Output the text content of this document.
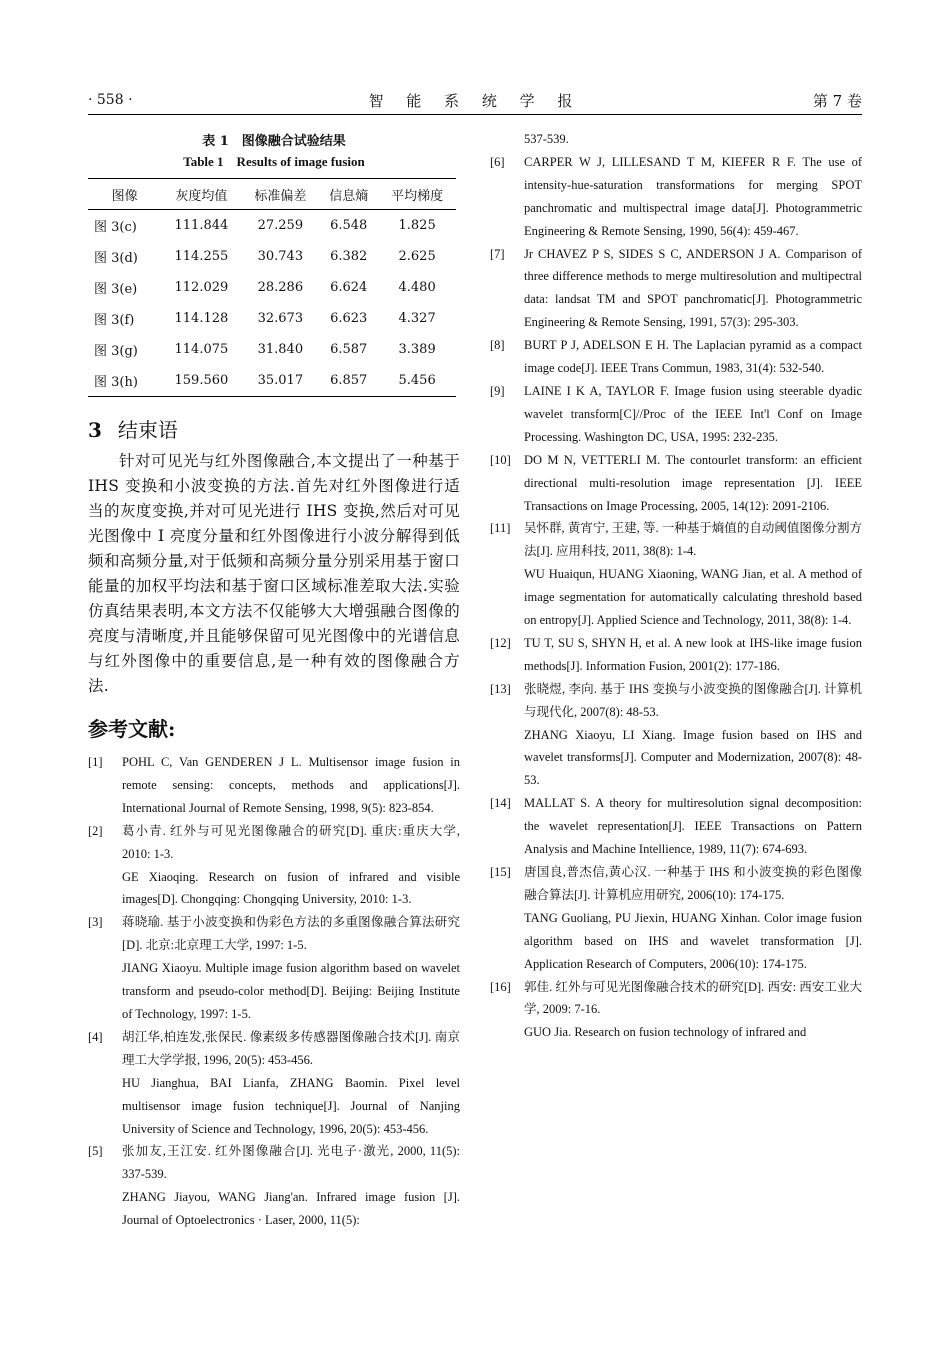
· 558 ·	智 能 系 统 学 报	第 7 卷
表 1　图像融合试验结果
Table 1　Results of image fusion
图像	灰度均值	标准偏差	信息熵	平均梯度
图 3(c)	111.844	27.259	6.548	1.825
图 3(d)	114.255	30.743	6.382	2.625
图 3(e)	112.029	28.286	6.624	4.480
图 3(f)	114.128	32.673	6.623	4.327
图 3(g)	114.075	31.840	6.587	3.389
图 3(h)	159.560	35.017	6.857	5.456
3 结束语
针对可见光与红外图像融合,本文提出了一种基于 IHS 变换和小波变换的方法.首先对红外图像进行适当的灰度变换,并对可见光进行 IHS 变换,然后对可见光图像中 I 亮度分量和红外图像进行小波分解得到低频和高频分量,对于低频和高频分量分别采用基于窗口能量的加权平均法和基于窗口区域标准差取大法.实验仿真结果表明,本文方法不仅能够大大增强融合图像的亮度与清晰度,并且能够保留可见光图像中的光谱信息与红外图像中的重要信息,是一种有效的图像融合方法.
参考文献:
[1]	POHL C, Van GENDEREN J L. Multisensor image fusion in remote sensing: concepts, methods and applications[J]. International Journal of Remote Sensing, 1998, 9(5): 823-854.
[2]	葛小青. 红外与可见光图像融合的研究[D]. 重庆:重庆大学, 2010: 1-3.
GE Xiaoqing. Research on fusion of infrared and visible images[D]. Chongqing: Chongqing University, 2010: 1-3.
[3]	蒋晓瑜. 基于小波变换和伪彩色方法的多重图像融合算法研究[D]. 北京:北京理工大学, 1997: 1-5.
JIANG Xiaoyu. Multiple image fusion algorithm based on wavelet transform and pseudo-color method[D]. Beijing: Beijing Institute of Technology, 1997: 1-5.
[4]	胡江华,柏连发,张保民. 像素级多传感器图像融合技术[J]. 南京理工大学学报, 1996, 20(5): 453-456.
HU Jianghua, BAI Lianfa, ZHANG Baomin. Pixel level multisensor image fusion technique[J]. Journal of Nanjing University of Science and Technology, 1996, 20(5): 453-456.
[5]	张加友,王江安. 红外图像融合[J]. 光电子·激光, 2000, 11(5): 337-539.
ZHANG Jiayou, WANG Jiang'an. Infrared image fusion [J]. Journal of Optoelectronics · Laser, 2000, 11(5):
537-539.
[6]	CARPER W J, LILLESAND T M, KIEFER R F. The use of intensity-hue-saturation transformations for merging SPOT panchromatic and multispectral image data[J]. Photogrammetric Engineering & Remote Sensing, 1990, 56(4): 459-467.
[7]	Jr CHAVEZ P S, SIDES S C, ANDERSON J A. Comparison of three difference methods to merge multiresolution and multipectral data: landsat TM and SPOT panchromatic[J]. Photogrammetric Engineering & Remote Sensing, 1991, 57(3): 295-303.
[8]	BURT P J, ADELSON E H. The Laplacian pyramid as a compact image code[J]. IEEE Trans Commun, 1983, 31(4): 532-540.
[9]	LAINE I K A, TAYLOR F. Image fusion using steerable dyadic wavelet transform[C]//Proc of the IEEE Int'l Conf on Image Processing. Washington DC, USA, 1995: 232-235.
[10]	DO M N, VETTERLI M. The contourlet transform: an efficient directional multi-resolution image representation [J]. IEEE Transactions on Image Processing, 2005, 14(12): 2091-2106.
[11]	吴怀群, 黄宵宁, 王建, 等. 一种基于熵值的自动阈值图像分割方法[J]. 应用科技, 2011, 38(8): 1-4.
WU Huaiqun, HUANG Xiaoning, WANG Jian, et al. A method of image segmentation for automatically calculating threshold based on entropy[J]. Applied Science and Technology, 2011, 38(8): 1-4.
[12]	TU T, SU S, SHYN H, et al. A new look at IHS-like image fusion methods[J]. Information Fusion, 2001(2): 177-186.
[13]	张晓煜, 李向. 基于 IHS 变换与小波变换的图像融合[J]. 计算机与现代化, 2007(8): 48-53.
ZHANG Xiaoyu, LI Xiang. Image fusion based on IHS and wavelet transforms[J]. Computer and Modernization, 2007(8): 48-53.
[14]	MALLAT S. A theory for multiresolution signal decomposition: the wavelet representation[J]. IEEE Transactions on Pattern Analysis and Machine Intellience, 1989, 11(7): 674-693.
[15]	唐国良,普杰信,黄心汉. 一种基于 IHS 和小波变换的彩色图像融合算法[J]. 计算机应用研究, 2006(10): 174-175.
TANG Guoliang, PU Jiexin, HUANG Xinhan. Color image fusion algorithm based on IHS and wavelet transformation [J]. Application Research of Computers, 2006(10): 174-175.
[16]	郭佳. 红外与可见光图像融合技术的研究[D]. 西安: 西安工业大学, 2009: 7-16.
GUO Jia. Research on fusion technology of infrared and
